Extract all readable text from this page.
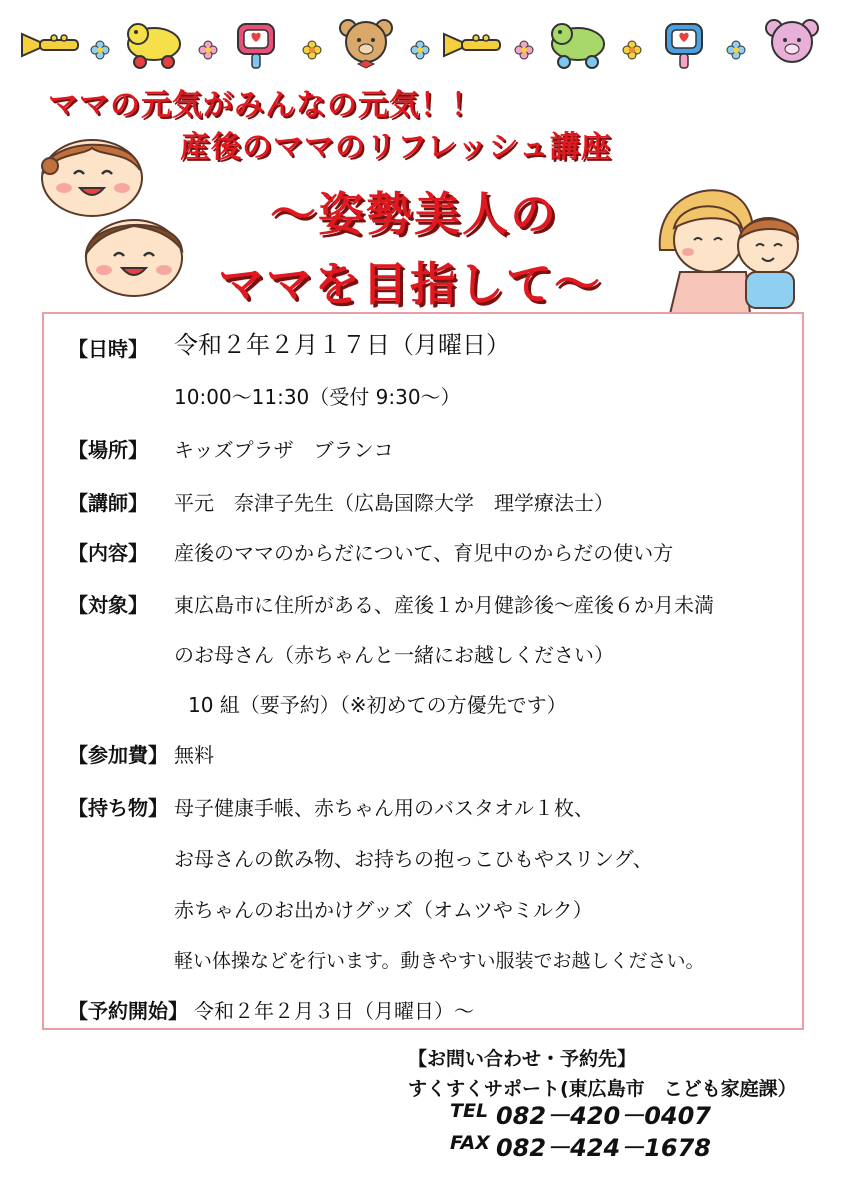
ママの元気がみんなの元気！！
産後のママのリフレッシュ講座
～姿勢美人の
ママを目指して～
【日時】 令和２年２月１７日（月曜日）
10:00～11:30（受付 9:30～）
【場所】 キッズプラザ　ブランコ
【講師】 平元　奈津子先生（広島国際大学　理学療法士）
【内容】 産後のママのからだについて、育児中のからだの使い方
【対象】 東広島市に住所がある、産後１か月健診後～産後６か月未満
のお母さん（赤ちゃんと一緒にお越しください）
10 組（要予約）（※初めての方優先です）
【参加費】 無料
【持ち物】 母子健康手帳、赤ちゃん用のバスタオル１枚、
お母さんの飲み物、お持ちの抱っこひもやスリング、
赤ちゃんのお出かけグッズ（オムツやミルク）
軽い体操などを行います。動きやすい服装でお越しください。
【予約開始】 令和２年２月３日（月曜日）～
【お問い合わせ・予約先】
すくすくサポート(東広島市　こども家庭課）
TEL 082－420－0407
FAX 082－424－1678
